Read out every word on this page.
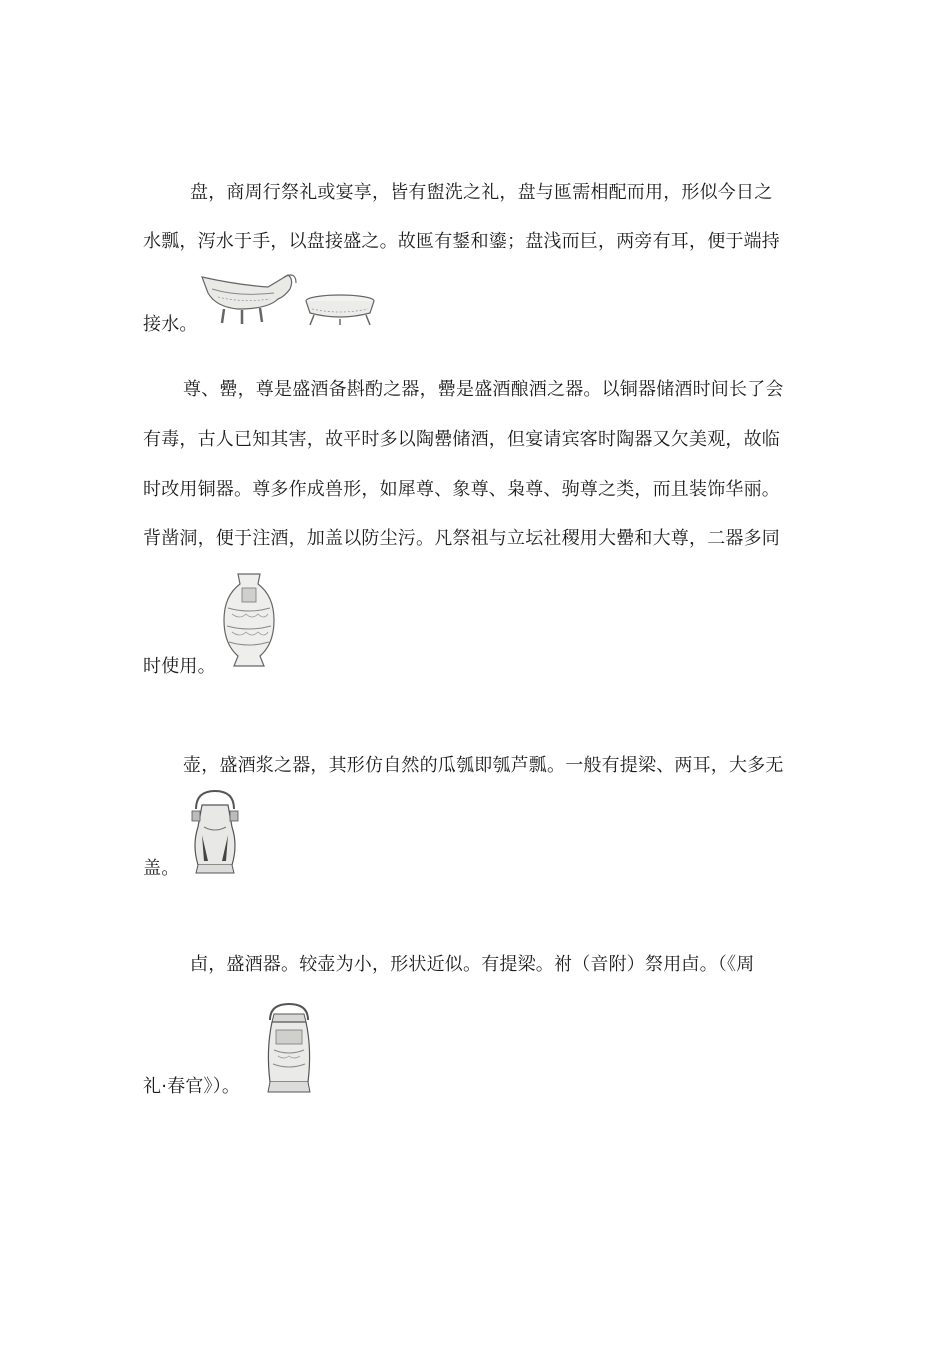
盘，商周行祭礼或宴享，皆有盥洗之礼，盘与匜需相配而用，形似今日之
水瓢，泻水于手，以盘接盛之。故匜有鋬和鎏；盘浅而巨，两旁有耳，便于端持
接水。
尊、罍，尊是盛酒备斟酌之器，罍是盛酒酿酒之器。以铜器储酒时间长了会
有毒，古人已知其害，故平时多以陶罍储酒，但宴请宾客时陶器又欠美观，故临
时改用铜器。尊多作成兽形，如犀尊、象尊、枭尊、驹尊之类，而且装饰华丽。
背凿洞，便于注酒，加盖以防尘污。凡祭祖与立坛社稷用大罍和大尊，二器多同
时使用。
壶，盛酒浆之器，其形仿自然的瓜瓠即瓠芦瓢。一般有提梁、两耳，大多无
盖。
卣，盛酒器。较壶为小，形状近似。有提梁。祔（音附）祭用卣。（《周
礼·春官》）。
